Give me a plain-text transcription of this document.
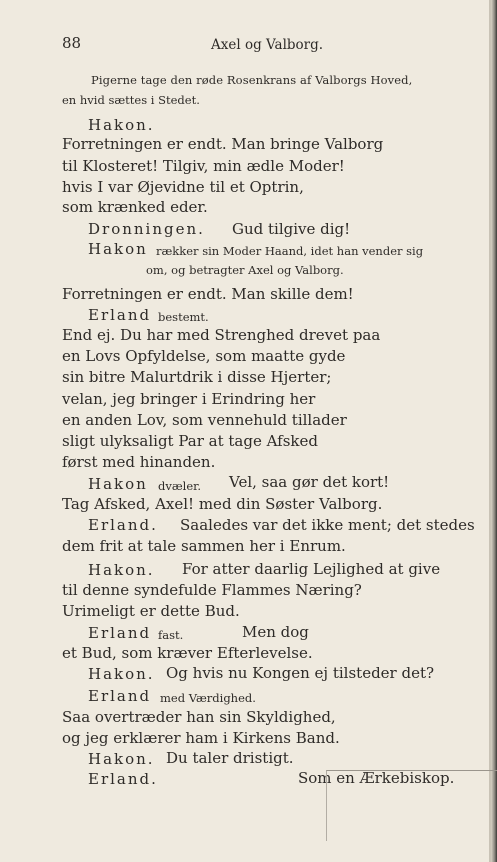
88	Axel og Valborg.
Pigerne tage den røde Rosenkrans af Valborgs Hoved,
en hvid sættes i Stedet.
Hakon.
Forretningen er endt. Man bringe Valborg
til Klosteret! Tilgiv, min ædle Moder!
hvis I var Øjevidne til et Optrin,
som krænked eder.
Dronningen. Gud tilgive dig!
Hakon rækker sin Moder Haand, idet han vender sig
om, og betragter Axel og Valborg.
Forretningen er endt. Man skille dem!
Erland bestemt.
End ej. Du har med Strenghed drevet paa
en Lovs Opfyldelse, som maatte gyde
sin bitre Malurtdrik i disse Hjerter;
velan, jeg bringer i Erindring her
en anden Lov, som vennehuld tillader
sligt ulyksaligt Par at tage Afsked
først med hinanden.
Hakon dvæler. Vel, saa gør det kort!
Tag Afsked, Axel! med din Søster Valborg.
Erland. Saaledes var det ikke ment; det stedes
dem frit at tale sammen her i Enrum.
Hakon. For atter daarlig Lejlighed at give
til denne syndefulde Flammes Næring?
Urimeligt er dette Bud.
Erland fast.	Men dog
et Bud, som kræver Efterlevelse.
Hakon. Og hvis nu Kongen ej tilsteder det?
Erland med Værdighed.
Saa overtræder han sin Skyldighed,
og jeg erklærer ham i Kirkens Band.
Hakon. Du taler dristigt.
Erland.	Som en Ærkebiskop.
